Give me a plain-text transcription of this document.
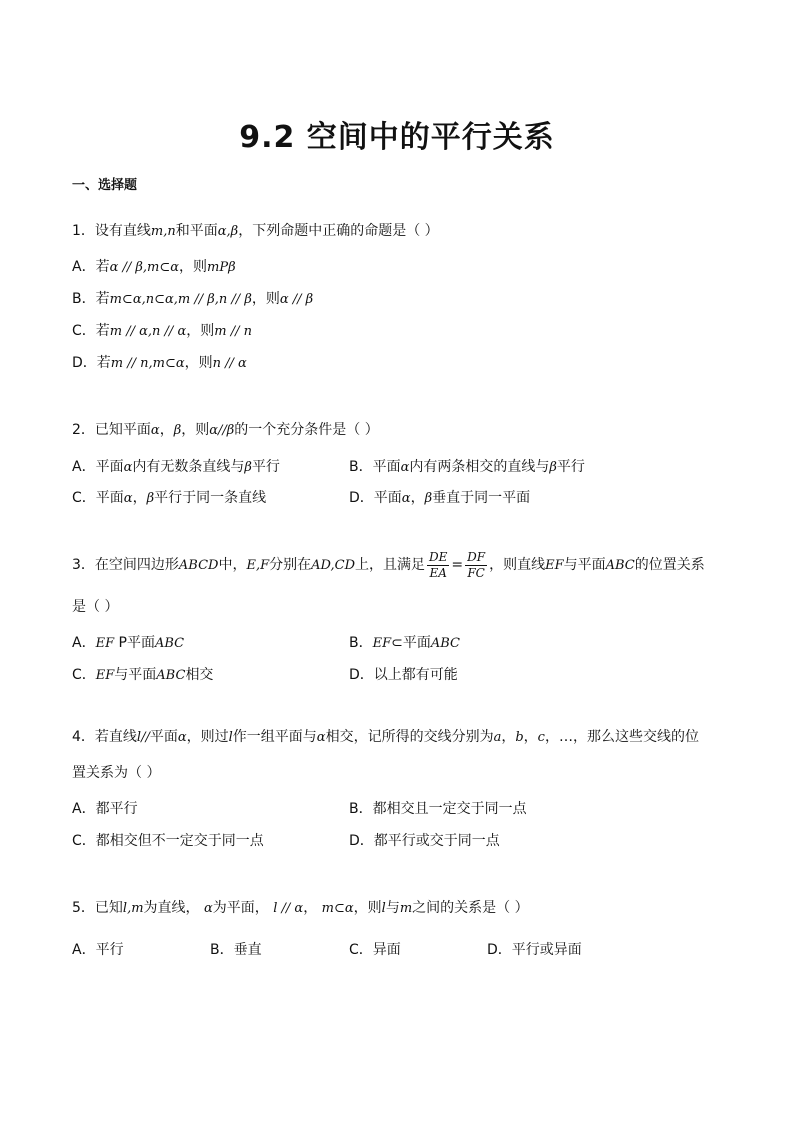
9.2 空间中的平行关系
一、选择题
1．设有直线m,n和平面α,β，下列命题中正确的命题是（ ）
A．若α // β,m⊂α，则mPβ
B．若m⊂α,n⊂α,m // β,n // β，则α // β
C．若m // α,n // α，则m // n
D．若m // n,m⊂α，则n // α
2．已知平面α，β，则α//β的一个充分条件是（ ）
A．平面α内有无数条直线与β平行	B．平面α内有两条相交的直线与β平行
C．平面α，β平行于同一条直线	D．平面α，β垂直于同一平面
3．在空间四边形ABCD中，E,F分别在AD,CD上，且满足 $\frac{DE}{EA} = \frac{DF}{FC}$ ，则直线EF与平面ABC的位置关系
是（ ）
A．EF P平面ABC	B．EF⊂平面ABC
C．EF与平面ABC相交	D．以上都有可能
4．若直线l//平面α，则过l作一组平面与α相交，记所得的交线分别为a，b，c，…，那么这些交线的位
置关系为（ ）
A．都平行	B．都相交且一定交于同一点
C．都相交但不一定交于同一点	D．都平行或交于同一点
5．已知l,m为直线， α为平面， l // α， m⊂α，则l与m之间的关系是（ ）
A．平行	B．垂直	C．异面	D．平行或异面
